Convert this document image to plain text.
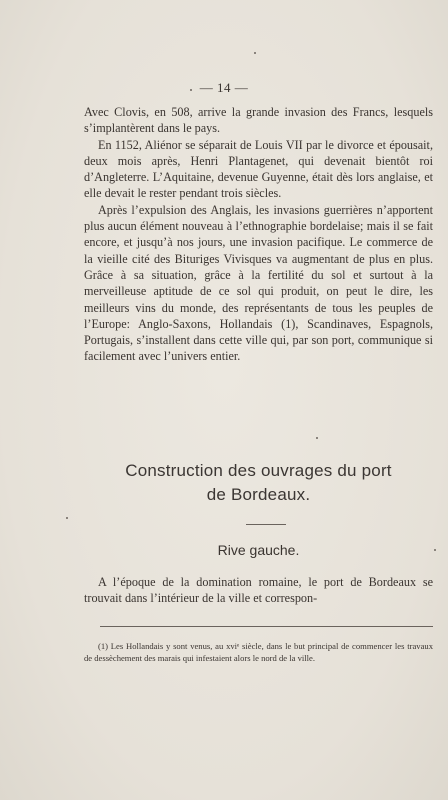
— 14 —

Avec Clovis, en 508, arrive la grande invasion des Francs, lesquels s’implantèrent dans le pays.

En 1152, Aliénor se séparait de Louis VII par le divorce et épousait, deux mois après, Henri Plantagenet, qui devenait bientôt roi d’Angleterre. L’Aquitaine, devenue Guyenne, était dès lors anglaise, et elle devait le rester pendant trois siècles.

Après l’expulsion des Anglais, les invasions guerrières n’apportent plus aucun élément nouveau à l’ethnographie bordelaise; mais il se fait encore, et jusqu’à nos jours, une invasion pacifique. Le commerce de la vieille cité des Bituriges Vivisques va augmentant de plus en plus. Grâce à sa situation, grâce à la fertilité du sol et surtout à la merveilleuse aptitude de ce sol qui produit, on peut le dire, les meilleurs vins du monde, des représentants de tous les peuples de l’Europe: Anglo-Saxons, Hollandais (1), Scandinaves, Espagnols, Portugais, s’installent dans cette ville qui, par son port, communique si facilement avec l’univers entier.

Construction des ouvrages du port
de Bordeaux.
Rive gauche.

A l’époque de la domination romaine, le port de Bordeaux se trouvait dans l’intérieur de la ville et correspon-

(1) Les Hollandais y sont venus, au xviᵉ siècle, dans le but principal de commencer les travaux de dessèchement des marais qui infestaient alors le nord de la ville.
